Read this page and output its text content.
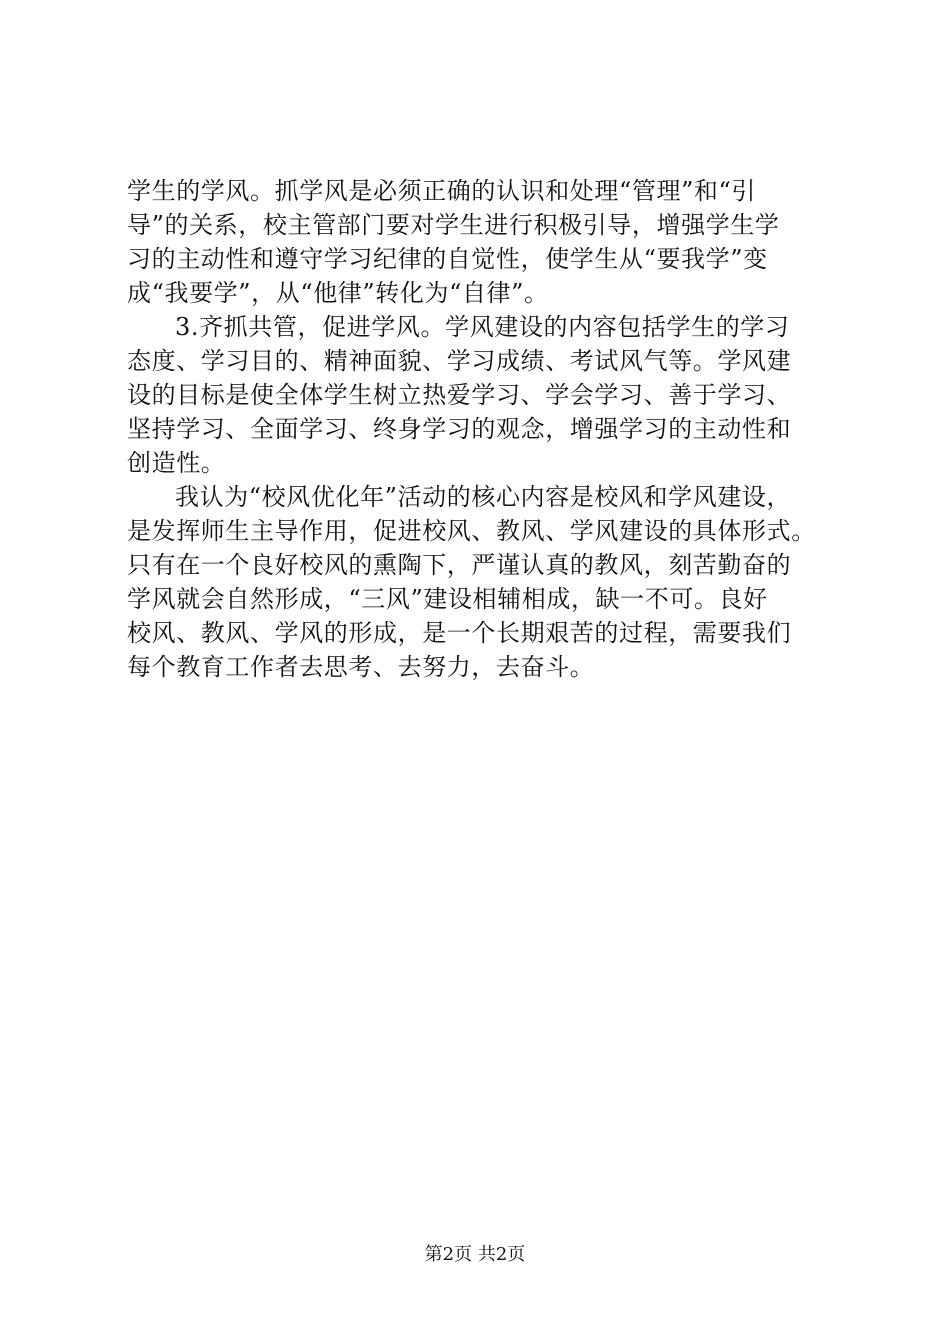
学生的学风。抓学风是必须正确的认识和处理“管理”和“引
导”的关系，校主管部门要对学生进行积极引导，增强学生学
习的主动性和遵守学习纪律的自觉性，使学生从“要我学”变
成“我要学”，从“他律”转化为“自律”。
3.齐抓共管，促进学风。学风建设的内容包括学生的学习
态度、学习目的、精神面貌、学习成绩、考试风气等。学风建
设的目标是使全体学生树立热爱学习、学会学习、善于学习、
坚持学习、全面学习、终身学习的观念，增强学习的主动性和
创造性。
我认为“校风优化年”活动的核心内容是校风和学风建设，
是发挥师生主导作用，促进校风、教风、学风建设的具体形式。
只有在一个良好校风的熏陶下，严谨认真的教风，刻苦勤奋的
学风就会自然形成，“三风”建设相辅相成，缺一不可。良好
校风、教风、学风的形成，是一个长期艰苦的过程，需要我们
每个教育工作者去思考、去努力，去奋斗。
第2页 共2页
